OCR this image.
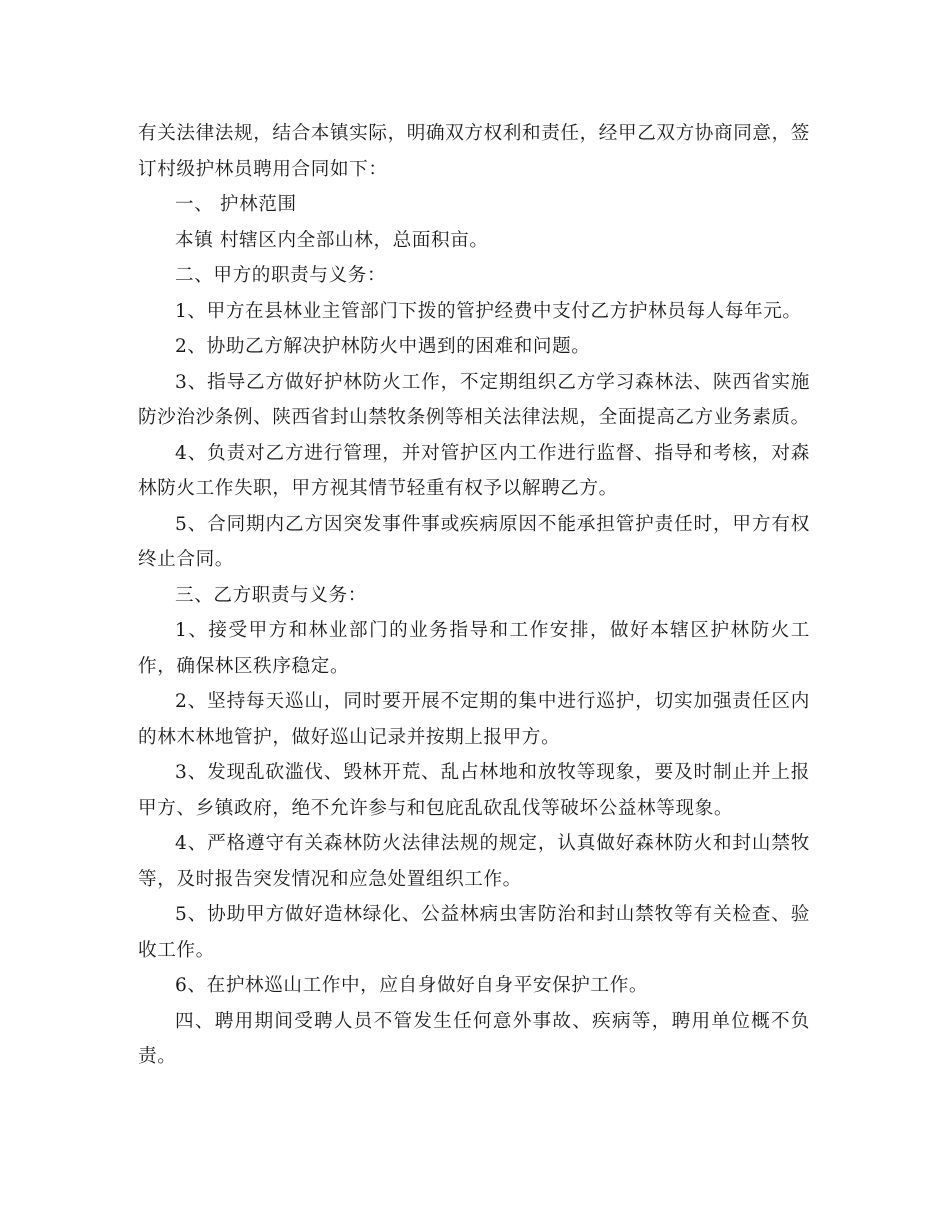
有关法律法规，结合本镇实际，明确双方权利和责任，经甲乙双方协商同意，签订村级护林员聘用合同如下：

一、 护林范围

本镇 村辖区内全部山林，总面积亩。

二、甲方的职责与义务：

1、甲方在县林业主管部门下拨的管护经费中支付乙方护林员每人每年元。

2、协助乙方解决护林防火中遇到的困难和问题。

3、指导乙方做好护林防火工作，不定期组织乙方学习森林法、陕西省实施防沙治沙条例、陕西省封山禁牧条例等相关法律法规，全面提高乙方业务素质。

4、负责对乙方进行管理，并对管护区内工作进行监督、指导和考核，对森林防火工作失职，甲方视其情节轻重有权予以解聘乙方。

5、合同期内乙方因突发事件事或疾病原因不能承担管护责任时，甲方有权终止合同。

三、乙方职责与义务：

1、接受甲方和林业部门的业务指导和工作安排，做好本辖区护林防火工作，确保林区秩序稳定。

2、坚持每天巡山，同时要开展不定期的集中进行巡护，切实加强责任区内的林木林地管护，做好巡山记录并按期上报甲方。

3、发现乱砍滥伐、毁林开荒、乱占林地和放牧等现象，要及时制止并上报甲方、乡镇政府，绝不允许参与和包庇乱砍乱伐等破坏公益林等现象。

4、严格遵守有关森林防火法律法规的规定，认真做好森林防火和封山禁牧等，及时报告突发情况和应急处置组织工作。

5、协助甲方做好造林绿化、公益林病虫害防治和封山禁牧等有关检查、验收工作。

6、在护林巡山工作中，应自身做好自身平安保护工作。

四、聘用期间受聘人员不管发生任何意外事故、疾病等，聘用单位概不负责。
